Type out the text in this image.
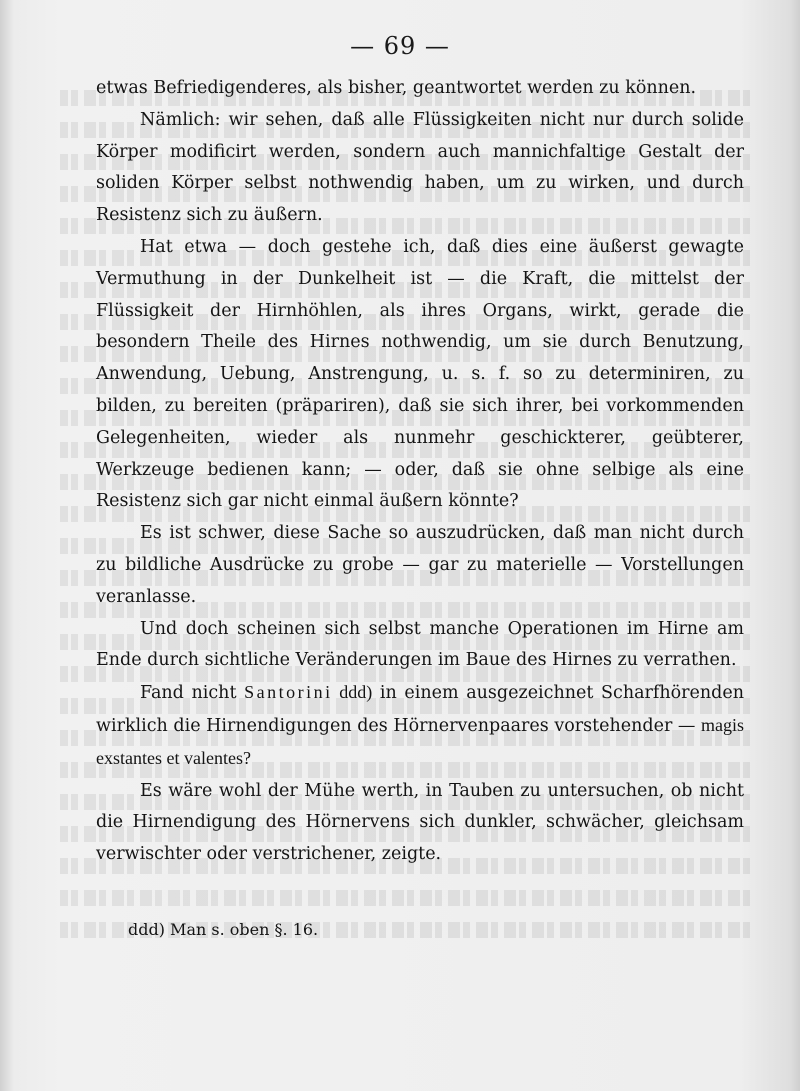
— 69 —

etwas Befriedigenderes, als bisher, geantwortet werden zu können.

Nämlich: wir sehen, daß alle Flüssigkeiten nicht nur durch solide Körper modificirt werden, sondern auch mannichfaltige Gestalt der soliden Körper selbst nothwendig haben, um zu wirken, und durch Resistenz sich zu äußern.

Hat etwa — doch gestehe ich, daß dies eine äußerst gewagte Vermuthung in der Dunkelheit ist — die Kraft, die mittelst der Flüssigkeit der Hirnhöhlen, als ihres Organs, wirkt, gerade die besondern Theile des Hirnes nothwendig, um sie durch Benutzung, Anwendung, Uebung, Anstrengung, u. s. f. so zu determiniren, zu bilden, zu bereiten (präpariren), daß sie sich ihrer, bei vorkommenden Gelegenheiten, wieder als nunmehr geschickterer, geübterer, Werkzeuge bedienen kann; — oder, daß sie ohne selbige als eine Resistenz sich gar nicht einmal äußern könnte?

Es ist schwer, diese Sache so auszudrücken, daß man nicht durch zu bildliche Ausdrücke zu grobe — gar zu materielle — Vorstellungen veranlasse.

Und doch scheinen sich selbst manche Operationen im Hirne am Ende durch sichtliche Veränderungen im Baue des Hirnes zu verrathen.

Fand nicht Santorini ddd) in einem ausgezeichnet Scharfhörenden wirklich die Hirnendigungen des Hörnervenpaares vorstehender — magis exstantes et valentes?

Es wäre wohl der Mühe werth, in Tauben zu untersuchen, ob nicht die Hirnendigung des Hörnervens sich dunkler, schwächer, gleichsam verwischter oder verstrichener, zeigte.

ddd) Man s. oben §. 16.
